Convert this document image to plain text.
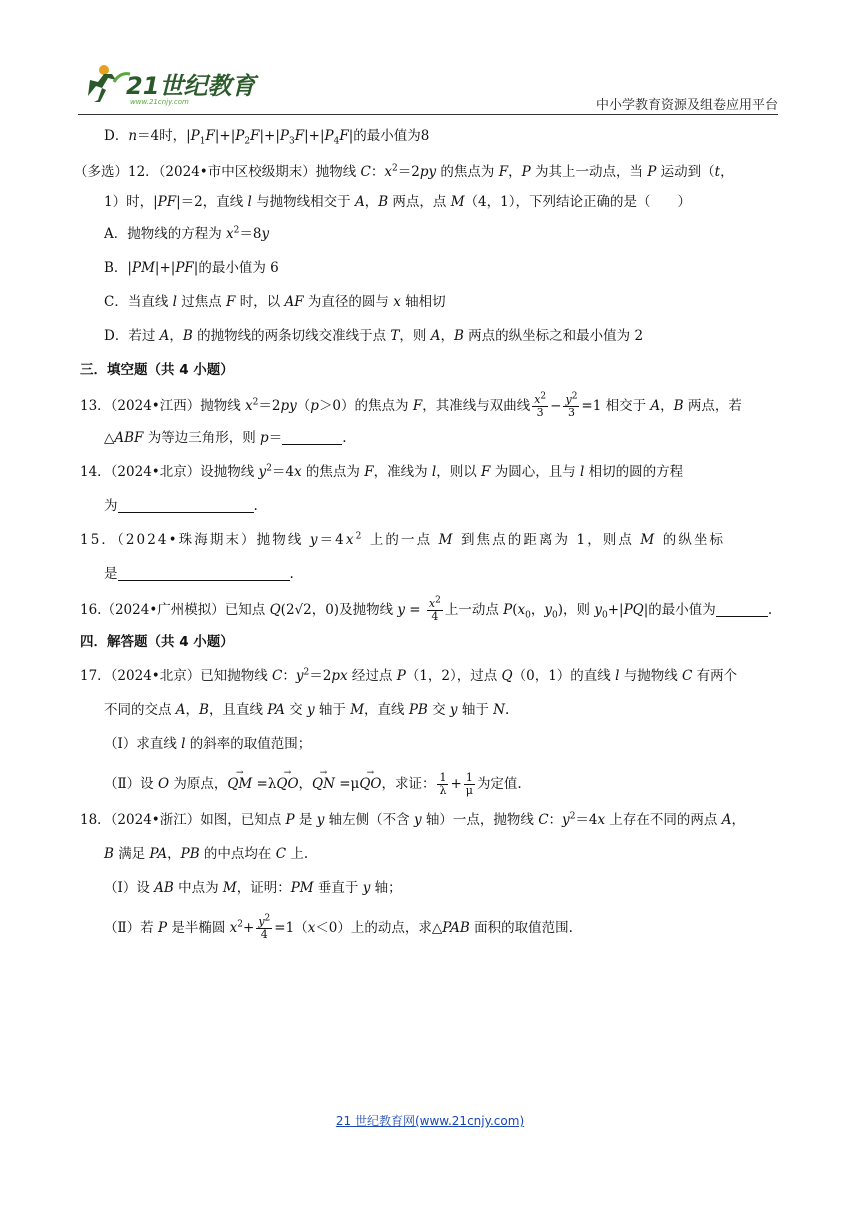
21世纪教育
www.21cnjy.com	中小学教育资源及组卷应用平台
D．n＝4时，$|P_1F|+|P_2F|+|P_3F|+|P_4F|$的最小值为8
（多选）12．（2024•市中区校级期末）抛物线 C：$x^2=2py$ 的焦点为 F，P 为其上一动点，当 P 运动到（t，
1）时，|PF|＝2，直线 l 与抛物线相交于 A，B 两点，点 M（4，1），下列结论正确的是（　　）
A．抛物线的方程为 $x^2=8y$
B．|PM|+|PF|的最小值为 6
C．当直线 l 过焦点 F 时，以 AF 为直径的圆与 x 轴相切
D．若过 A，B 的抛物线的两条切线交准线于点 T，则 A，B 两点的纵坐标之和最小值为 2
三．填空题（共 4 小题）
13．（2024•江西）抛物线 $x^2=2py(p>0)$的焦点为 F，其准线与双曲线 $\frac{x^2}{3} - \frac{y^2}{3} =1$ 相交于 A，B 两点，若
△ABF 为等边三角形，则 p＝	.
14．（2024•北京）设抛物线 $y^2=4x$ 的焦点为 F，准线为 l，则以 F 为圆心，且与 l 相切的圆的方程
为	.
15．（2024•珠海期末）抛物线 $y=4x^2$ 上的一点 M 到焦点的距离为 1，则点 M 的纵坐标
是	.
16.（2024•广州模拟）已知点 Q(2√2，0)及抛物线 $y = \frac{x^2}{4}$ 上一动点 $P(x_0$，$y_0$)，则 $y_0+|PQ|$的最小值为	.
四．解答题（共 4 小题）
17．（2024•北京）已知抛物线 C：$y^2=2px$ 经过点 P（1，2），过点 Q（0，1）的直线 l 与抛物线 C 有两个
不同的交点 A，B，且直线 PA 交 y 轴于 M，直线 PB 交 y 轴于 N.
（Ⅰ）求直线 l 的斜率的取值范围；
（Ⅱ）设 O 为原点，→ QM =λ→ QO，→ QN =μ→ QO，求证： $\frac{1}{\lambda} + \frac{1}{\mu}$ 为定值.
18．（2024•浙江）如图，已知点 P 是 y 轴左侧（不含 y 轴）一点，抛物线 C：$y^2=4x$ 上存在不同的两点 A，
B 满足 PA，PB 的中点均在 C 上.
（Ⅰ）设 AB 中点为 M，证明：PM 垂直于 y 轴；
（Ⅱ）若 P 是半椭圆 $x^2+ \frac{y^2}{4} =1(x<0)$上的动点，求△PAB 面积的取值范围.
21 世纪教育网(www.21cnjy.com)
